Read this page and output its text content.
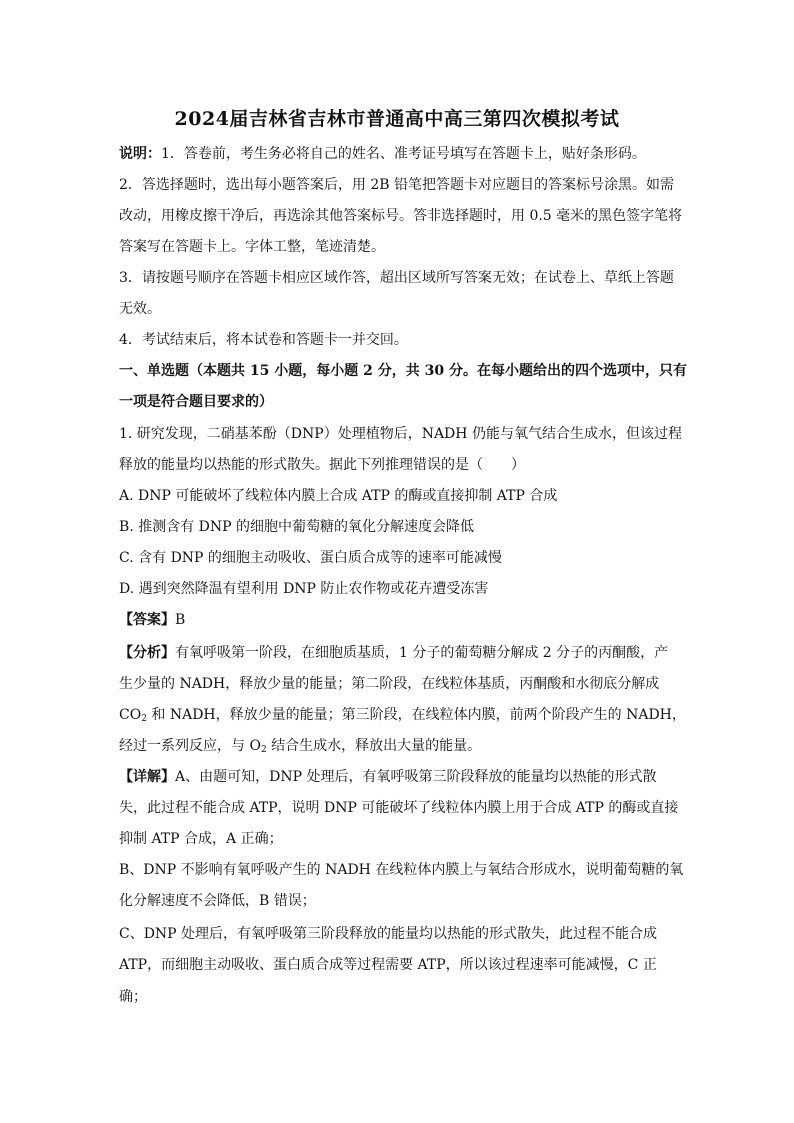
2024届吉林省吉林市普通高中高三第四次模拟考试
说明：1．答卷前，考生务必将自己的姓名、准考证号填写在答题卡上，贴好条形码。
2．答选择题时，选出每小题答案后，用 2B 铅笔把答题卡对应题目的答案标号涂黑。如需
改动，用橡皮擦干净后，再选涂其他答案标号。答非选择题时，用 0.5 毫米的黑色签字笔将
答案写在答题卡上。字体工整，笔迹清楚。
3．请按题号顺序在答题卡相应区域作答，超出区域所写答案无效；在试卷上、草纸上答题
无效。
4．考试结束后，将本试卷和答题卡一并交回。
一、单选题（本题共 15 小题，每小题 2 分，共 30 分。在每小题给出的四个选项中，只有
一项是符合题目要求的）
1. 研究发现，二硝基苯酚（DNP）处理植物后，NADH 仍能与氧气结合生成水，但该过程
释放的能量均以热能的形式散失。据此下列推理错误的是（　　）
A. DNP 可能破坏了线粒体内膜上合成 ATP 的酶或直接抑制 ATP 合成
B. 推测含有 DNP 的细胞中葡萄糖的氧化分解速度会降低
C. 含有 DNP 的细胞主动吸收、蛋白质合成等的速率可能减慢
D. 遇到突然降温有望利用 DNP 防止农作物或花卉遭受冻害
【答案】B
【分析】有氧呼吸第一阶段，在细胞质基质，1 分子的葡萄糖分解成 2 分子的丙酮酸，产
生少量的 NADH，释放少量的能量；第二阶段，在线粒体基质，丙酮酸和水彻底分解成
$CO_2$ 和 NADH，释放少量的能量；第三阶段，在线粒体内膜，前两个阶段产生的 NADH，
经过一系列反应，与 $O_2$ 结合生成水，释放出大量的能量。
【详解】A、由题可知，DNP 处理后，有氧呼吸第三阶段释放的能量均以热能的形式散
失，此过程不能合成 ATP，说明 DNP 可能破坏了线粒体内膜上用于合成 ATP 的酶或直接
抑制 ATP 合成，A 正确；
B、DNP 不影响有氧呼吸产生的 NADH 在线粒体内膜上与氧结合形成水，说明葡萄糖的氧
化分解速度不会降低，B 错误；
C、DNP 处理后，有氧呼吸第三阶段释放的能量均以热能的形式散失，此过程不能合成
ATP，而细胞主动吸收、蛋白质合成等过程需要 ATP，所以该过程速率可能减慢，C 正
确；
